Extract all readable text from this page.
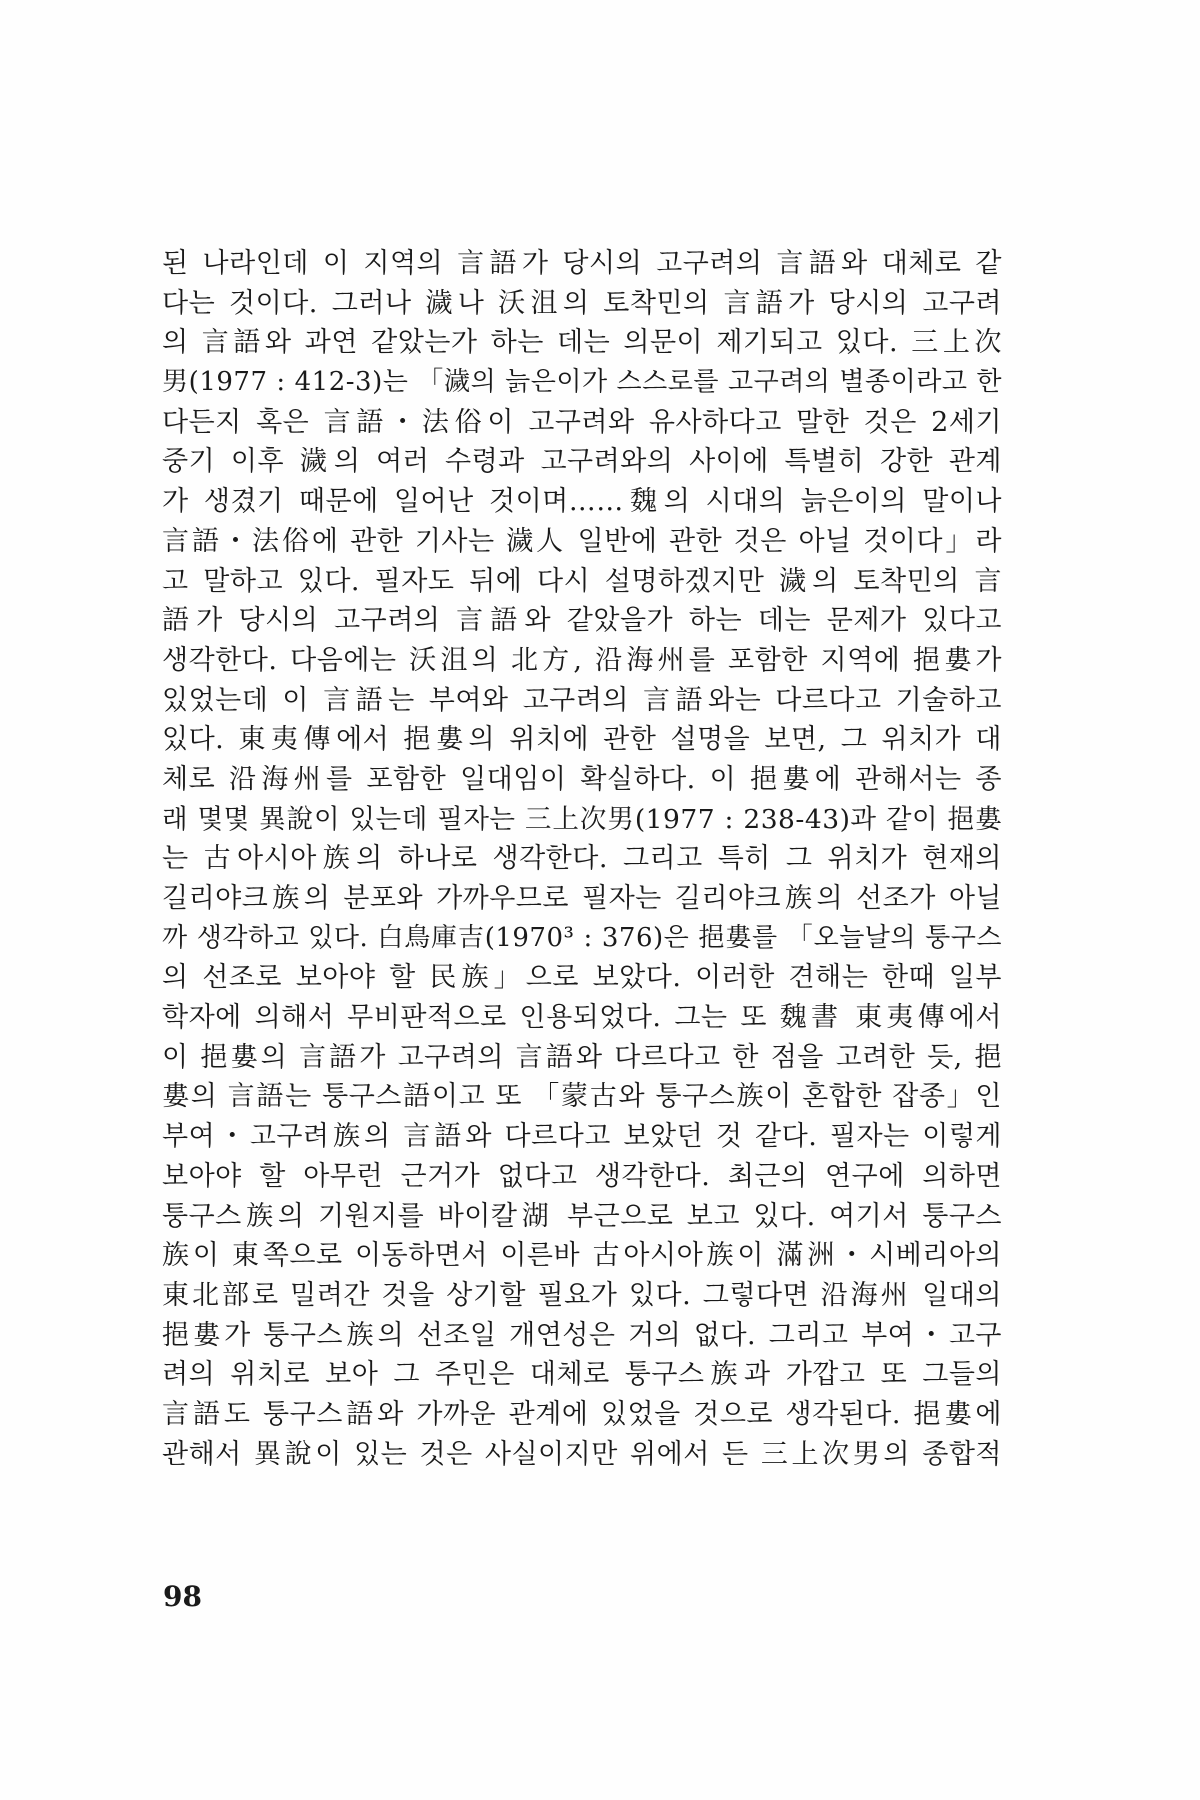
된 나라인데 이 지역의 言語가 당시의 고구려의 言語와 대체로 같
다는 것이다. 그러나 濊나 沃沮의 토착민의 言語가 당시의 고구려
의 言語와 과연 같았는가 하는 데는 의문이 제기되고 있다. 三上次
男(1977 : 412-3)는 「濊의 늙은이가 스스로를 고구려의 별종이라고 한
다든지 혹은 言語・法俗이 고구려와 유사하다고 말한 것은 2세기
중기 이후 濊의 여러 수령과 고구려와의 사이에 특별히 강한 관계
가 생겼기 때문에 일어난 것이며……魏의 시대의 늙은이의 말이나
言語・法俗에 관한 기사는 濊人 일반에 관한 것은 아닐 것이다」라
고 말하고 있다. 필자도 뒤에 다시 설명하겠지만 濊의 토착민의 言
語가 당시의 고구려의 言語와 같았을가 하는 데는 문제가 있다고
생각한다. 다음에는 沃沮의 北方, 沿海州를 포함한 지역에 挹婁가
있었는데 이 言語는 부여와 고구려의 言語와는 다르다고 기술하고
있다. 東夷傳에서 挹婁의 위치에 관한 설명을 보면, 그 위치가 대
체로 沿海州를 포함한 일대임이 확실하다. 이 挹婁에 관해서는 종
래 몇몇 異說이 있는데 필자는 三上次男(1977 : 238-43)과 같이 挹婁
는 古아시아族의 하나로 생각한다. 그리고 특히 그 위치가 현재의
길리야크族의 분포와 가까우므로 필자는 길리야크族의 선조가 아닐
까 생각하고 있다. 白鳥庫吉(1970³ : 376)은 挹婁를 「오늘날의 퉁구스
의 선조로 보아야 할 民族」으로 보았다. 이러한 견해는 한때 일부
학자에 의해서 무비판적으로 인용되었다. 그는 또 魏書 東夷傳에서
이 挹婁의 言語가 고구려의 言語와 다르다고 한 점을 고려한 듯, 挹
婁의 言語는 퉁구스語이고 또 「蒙古와 퉁구스族이 혼합한 잡종」인
부여・고구려族의 言語와 다르다고 보았던 것 같다. 필자는 이렇게
보아야 할 아무런 근거가 없다고 생각한다. 최근의 연구에 의하면
퉁구스族의 기원지를 바이칼湖 부근으로 보고 있다. 여기서 퉁구스
族이 東쪽으로 이동하면서 이른바 古아시아族이 滿洲・시베리아의
東北部로 밀려간 것을 상기할 필요가 있다. 그렇다면 沿海州 일대의
挹婁가 퉁구스族의 선조일 개연성은 거의 없다. 그리고 부여・고구
려의 위치로 보아 그 주민은 대체로 퉁구스族과 가깝고 또 그들의
言語도 퉁구스語와 가까운 관계에 있었을 것으로 생각된다. 挹婁에
관해서 異說이 있는 것은 사실이지만 위에서 든 三上次男의 종합적
98
